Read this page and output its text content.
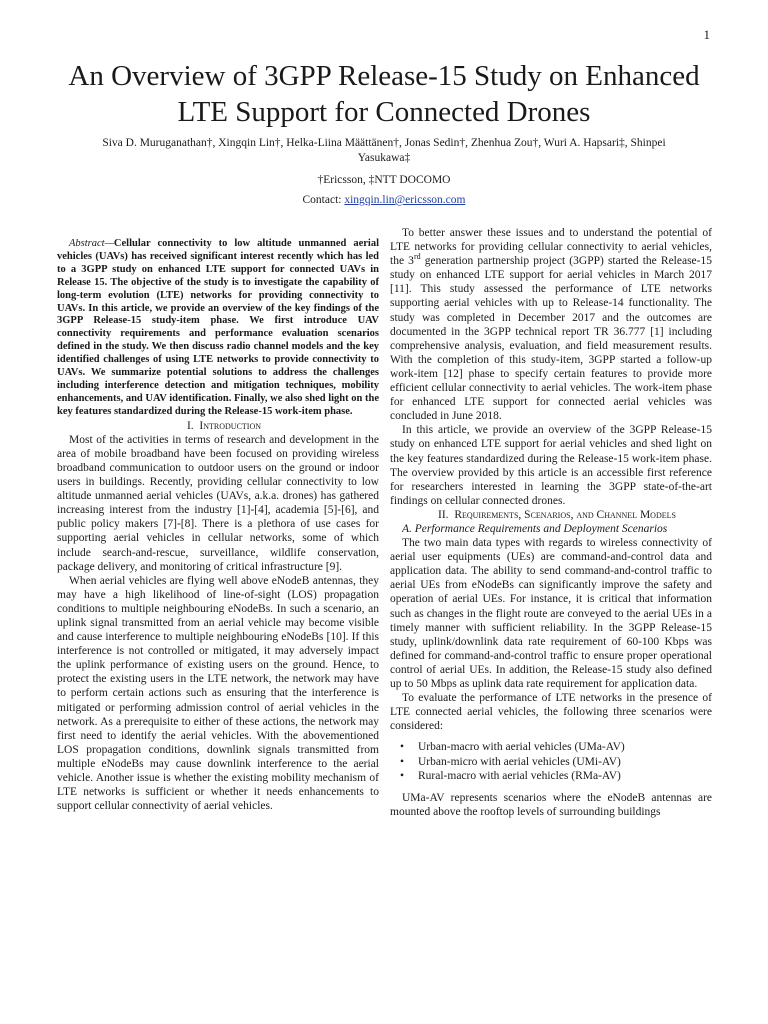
1
An Overview of 3GPP Release-15 Study on Enhanced LTE Support for Connected Drones
Siva D. Muruganathan†, Xingqin Lin†, Helka-Liina Määttänen†, Jonas Sedin†, Zhenhua Zou†, Wuri A. Hapsari‡, Shinpei Yasukawa‡
†Ericsson, ‡NTT DOCOMO
Contact: xingqin.lin@ericsson.com

Abstract—Cellular connectivity to low altitude unmanned aerial vehicles (UAVs) has received significant interest recently which has led to a 3GPP study on enhanced LTE support for connected UAVs in Release 15. The objective of the study is to investigate the capability of long-term evolution (LTE) networks for providing connectivity to UAVs. In this article, we provide an overview of the key findings of the 3GPP Release-15 study-item phase. We first introduce UAV connectivity requirements and performance evaluation scenarios defined in the study. We then discuss radio channel models and the key identified challenges of using LTE networks to provide connectivity to UAVs. We summarize potential solutions to address the challenges including interference detection and mitigation techniques, mobility enhancements, and UAV identification. Finally, we also shed light on the key features standardized during the Release-15 work-item phase.

I. Introduction

Most of the activities in terms of research and development in the area of mobile broadband have been focused on providing wireless broadband communication to outdoor users on the ground or indoor users in buildings. Recently, providing cellular connectivity to low altitude unmanned aerial vehicles (UAVs, a.k.a. drones) has gathered increasing interest from the industry [1]-[4], academia [5]-[6], and public policy makers [7]-[8]. There is a plethora of use cases for supporting aerial vehicles in cellular networks, some of which include search-and-rescue, surveillance, wildlife conservation, package delivery, and monitoring of critical infrastructure [9].

When aerial vehicles are flying well above eNodeB antennas, they may have a high likelihood of line-of-sight (LOS) propagation conditions to multiple neighbouring eNodeBs. In such a scenario, an uplink signal transmitted from an aerial vehicle may become visible and cause interference to multiple neighbouring eNodeBs [10]. If this interference is not controlled or mitigated, it may adversely impact the uplink performance of existing users on the ground. Hence, to protect the existing users in the LTE network, the network may have to perform certain actions such as ensuring that the interference is mitigated or performing admission control of aerial vehicles in the network. As a prerequisite to either of these actions, the network may first need to identify the aerial vehicles. With the abovementioned LOS propagation conditions, downlink signals transmitted from multiple eNodeBs may cause downlink interference to the aerial vehicle. Another issue is whether the existing mobility mechanism of LTE networks is sufficient or whether it needs enhancements to support cellular connectivity of aerial vehicles.

To better answer these issues and to understand the potential of LTE networks for providing cellular connectivity to aerial vehicles, the 3rd generation partnership project (3GPP) started the Release-15 study on enhanced LTE support for aerial vehicles in March 2017 [11]. This study assessed the performance of LTE networks supporting aerial vehicles with up to Release-14 functionality. The study was completed in December 2017 and the outcomes are documented in the 3GPP technical report TR 36.777 [1] including comprehensive analysis, evaluation, and field measurement results. With the completion of this study-item, 3GPP started a follow-up work-item [12] phase to specify certain features to provide more efficient cellular connectivity to aerial vehicles. The work-item phase for enhanced LTE support for connected aerial vehicles was concluded in June 2018.

In this article, we provide an overview of the 3GPP Release-15 study on enhanced LTE support for aerial vehicles and shed light on the key features standardized during the Release-15 work-item phase. The overview provided by this article is an accessible first reference for researchers interested in learning the 3GPP state-of-the-art findings on cellular connected drones.

II. Requirements, Scenarios, and Channel Models

A. Performance Requirements and Deployment Scenarios

The two main data types with regards to wireless connectivity of aerial user equipments (UEs) are command-and-control data and application data. The ability to send command-and-control traffic to aerial UEs from eNodeBs can significantly improve the safety and operation of aerial UEs. For instance, it is critical that information such as changes in the flight route are conveyed to the aerial UEs in a timely manner with sufficient reliability. In the 3GPP Release-15 study, uplink/downlink data rate requirement of 60-100 Kbps was defined for command-and-control traffic to ensure proper operational control of aerial UEs. In addition, the Release-15 study also defined up to 50 Mbps as uplink data rate requirement for application data.

To evaluate the performance of LTE networks in the presence of LTE connected aerial vehicles, the following three scenarios were considered:

• Urban-macro with aerial vehicles (UMa-AV)
• Urban-micro with aerial vehicles (UMi-AV)
• Rural-macro with aerial vehicles (RMa-AV)

UMa-AV represents scenarios where the eNodeB antennas are mounted above the rooftop levels of surrounding buildings
